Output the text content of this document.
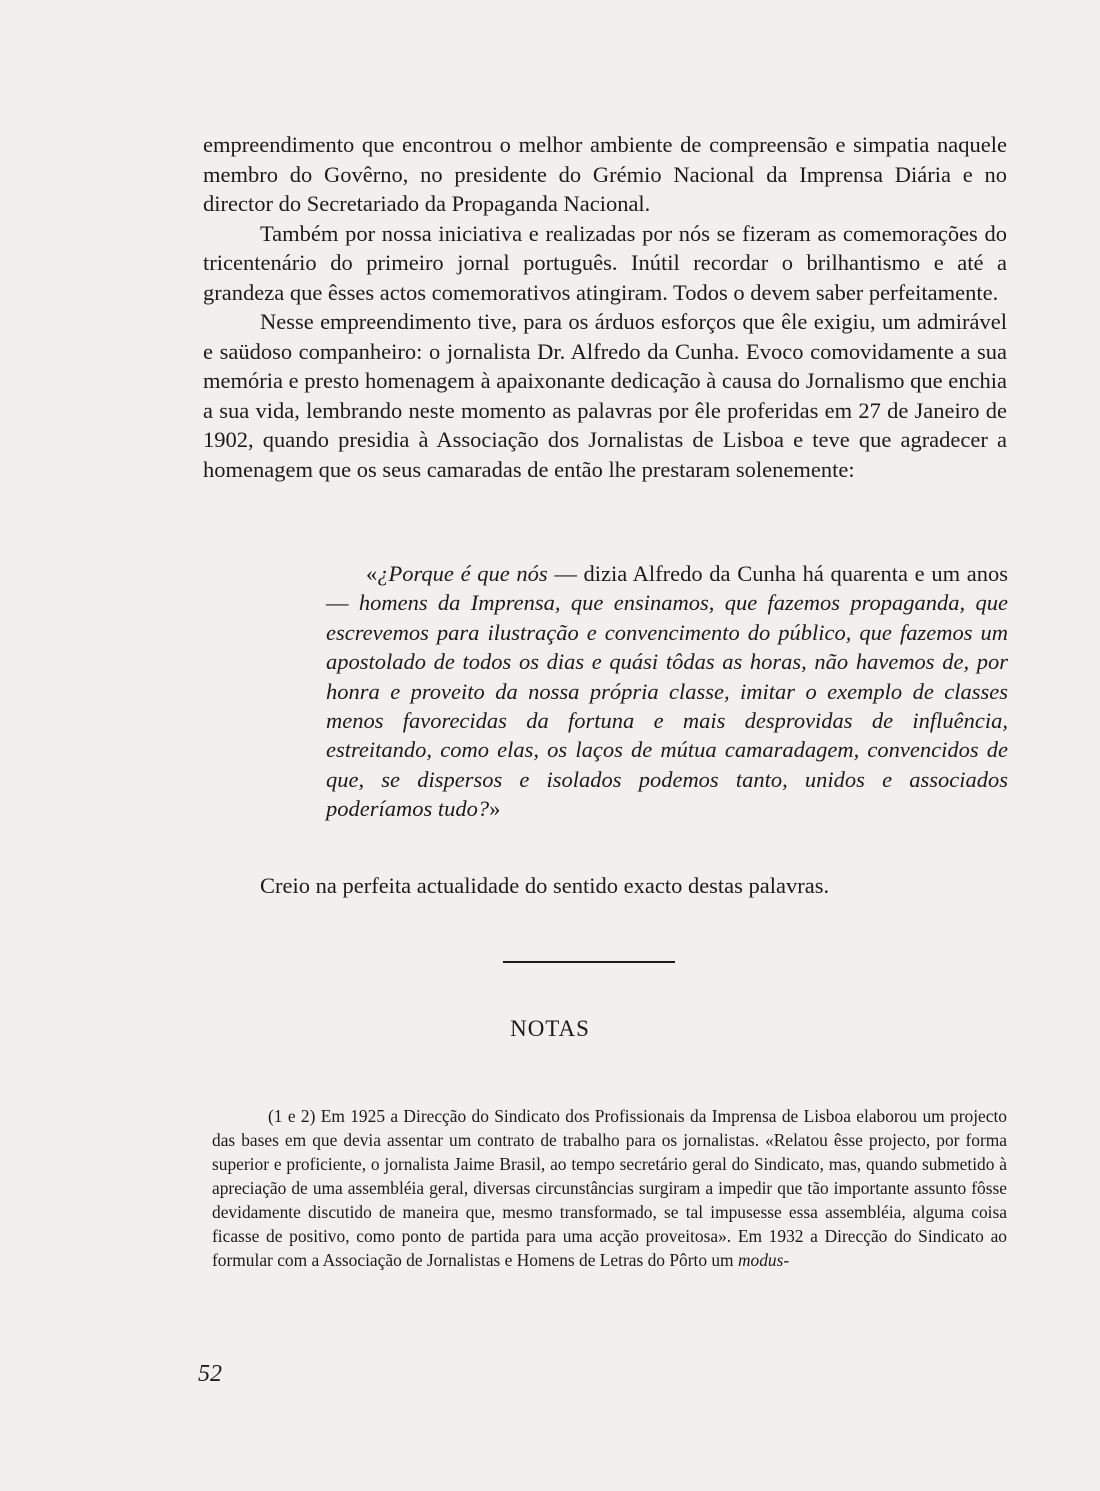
empreendimento que encontrou o melhor ambiente de compreensão e simpatia naquele membro do Govêrno, no presidente do Grémio Nacional da Imprensa Diária e no director do Secretariado da Propaganda Nacional.

Também por nossa iniciativa e realizadas por nós se fizeram as comemorações do tricentenário do primeiro jornal português. Inútil recordar o brilhantismo e até a grandeza que êsses actos comemorativos atingiram. Todos o devem saber perfeitamente.

Nesse empreendimento tive, para os árduos esforços que êle exigiu, um admirável e saüdoso companheiro: o jornalista Dr. Alfredo da Cunha. Evoco comovidamente a sua memória e presto homenagem à apaixonante dedicação à causa do Jornalismo que enchia a sua vida, lembrando neste momento as palavras por êle proferidas em 27 de Janeiro de 1902, quando presidia à Associação dos Jornalistas de Lisboa e teve que agradecer a homenagem que os seus camaradas de então lhe prestaram solenemente:

«¿Porque é que nós — dizia Alfredo da Cunha há quarenta e um anos — homens da Imprensa, que ensinamos, que fazemos propaganda, que escrevemos para ilustração e convencimento do público, que fazemos um apostolado de todos os dias e quási tôdas as horas, não havemos de, por honra e proveito da nossa própria classe, imitar o exemplo de classes menos favorecidas da fortuna e mais desprovidas de influência, estreitando, como elas, os laços de mútua camaradagem, convencidos de que, se dispersos e isolados podemos tanto, unidos e associados poderíamos tudo?»

Creio na perfeita actualidade do sentido exacto destas palavras.
NOTAS

(1 e 2) Em 1925 a Direcção do Sindicato dos Profissionais da Imprensa de Lisboa elaborou um projecto das bases em que devia assentar um contrato de trabalho para os jornalistas. «Relatou êsse projecto, por forma superior e proficiente, o jornalista Jaime Brasil, ao tempo secretário geral do Sindicato, mas, quando submetido à apreciação de uma assembléia geral, diversas circunstâncias surgiram a impedir que tão importante assunto fôsse devidamente discutido de maneira que, mesmo transformado, se tal impusesse essa assembléia, alguma coisa ficasse de positivo, como ponto de partida para uma acção proveitosa». Em 1932 a Direcção do Sindicato ao formular com a Associação de Jornalistas e Homens de Letras do Pôrto um modus-

52
